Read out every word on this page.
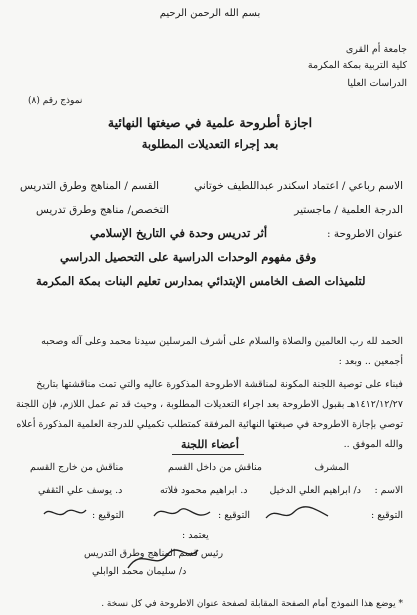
بسم الله الرحمن الرحيم
جامعة أم القرى
كلية التربية بمكة المكرمة
الدراسات العليا
نموذج رقم (٨)
اجازة أطروحة علمية في صيغتها النهائية
بعد إجراء التعديلات المطلوبة
الاسم رباعي / اعتماد اسكندر عبداللطيف خوتاني
القسم / المناهج وطرق التدريس
الدرجة العلمية / ماجستير
التخصص/ مناهج وطرق تدريس
عنوان الاطروحة :
أثر تدريس وحدة في التاريخ الإسلامي
وفق مفهوم الوحدات الدراسية على التحصيل الدراسي
لتلميذات الصف الخامس الإبتدائي بمدارس تعليم البنات بمكة المكرمة
الحمد لله رب العالمين والصلاة والسلام على أشرف المرسلين سيدنا محمد وعلى آله وصحبه أجمعين .. وبعد :
فبناء على توصية اللجنة المكونة لمناقشة الاطروحة المذكورة عاليه والتي تمت مناقشتها بتاريخ ١٤١٢/١٢/٢٧هـ بقبول الاطروحة بعد اجراء التعديلات المطلوبة ، وحيث قد تم عمل اللازم، فإن اللجنة توصي بإجازة الاطروحة في صيغتها النهائية المرفقة كمتطلب تكميلي للدرجة العلمية المذكورة أعلاه والله الموفق ..
أعضاء اللجنة
المشرف
مناقش من داخل القسم
مناقش من خارج القسم
الاسم :
د/ ابراهيم العلي الدخيل
د. ابراهيم محمود فلاته
د. يوسف علي الثقفي
التوقيع :
التوقيع :
التوقيع :
يعتمد :
رئيس قسم المناهج وطرق التدريس
د/ سليمان محمد الوابلي
* يوضع هذا النموذج أمام الصفحة المقابلة لصفحة عنوان الاطروحة في كل نسخة .
